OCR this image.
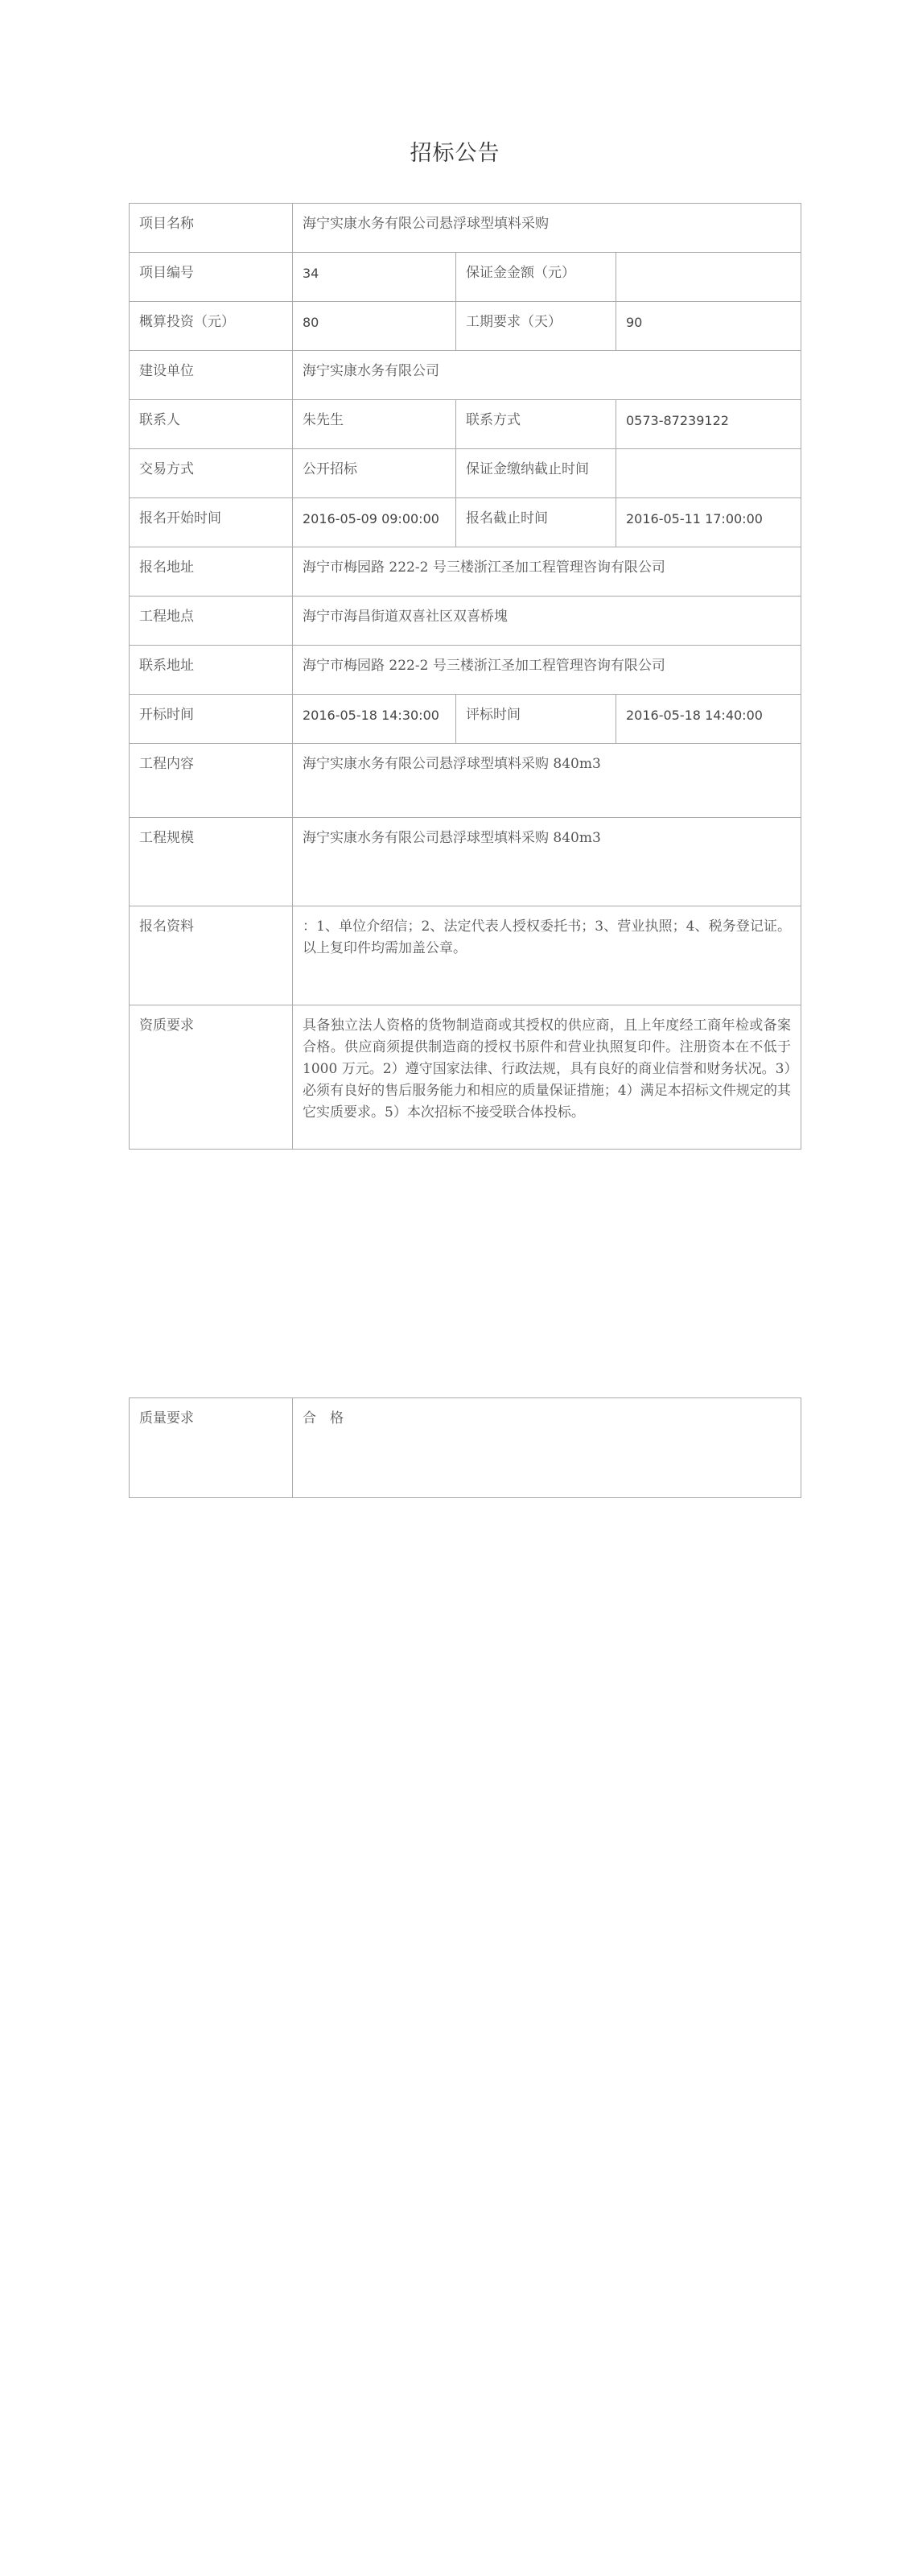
招标公告
项目名称	海宁实康水务有限公司悬浮球型填料采购		
项目编号	34	保证金金额（元）	
概算投资（元）	80	工期要求（天）	90
建设单位	海宁实康水务有限公司		
联系人	朱先生	联系方式	0573-87239122
交易方式	公开招标	保证金缴纳截止时间	
报名开始时间	2016-05-09 09:00:00	报名截止时间	2016-05-11 17:00:00
报名地址	海宁市梅园路 222-2 号三楼浙江圣加工程管理咨询有限公司		
工程地点	海宁市海昌街道双喜社区双喜桥塊		
联系地址	海宁市梅园路 222-2 号三楼浙江圣加工程管理咨询有限公司		
开标时间	2016-05-18 14:30:00	评标时间	2016-05-18 14:40:00
工程内容	海宁实康水务有限公司悬浮球型填料采购 840m3		
工程规模	海宁实康水务有限公司悬浮球型填料采购 840m3		
报名资料	：1、单位介绍信；2、法定代表人授权委托书；3、营业执照；4、税务登记证。以上复印件均需加盖公章。		
资质要求	具备独立法人资格的货物制造商或其授权的供应商，且上年度经工商年检或备案合格。供应商须提供制造商的授权书原件和营业执照复印件。注册资本在不低于 1000 万元。2）遵守国家法律、行政法规，具有良好的商业信誉和财务状况。3）必须有良好的售后服务能力和相应的质量保证措施；4）满足本招标文件规定的其它实质要求。5）本次招标不接受联合体投标。		
质量要求	合　格
